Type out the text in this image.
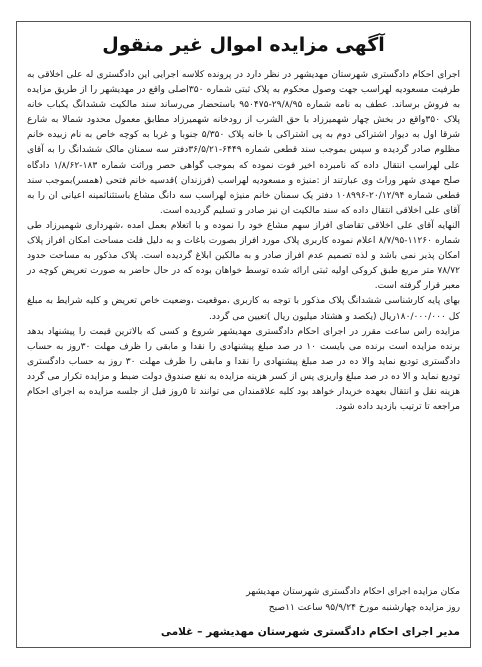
آگهی مزایده اموال غیر منقول

اجرای احکام دادگستری شهرستان مهدیشهر در نظر دارد در پرونده کلاسه اجرایی این دادگستری له علی اخلاقی به طرفیت مسعودیه لهراسب جهت وصول محکوم به پلاک ثبتی شماره ۳۵۰اصلی واقع در مهدیشهر را از طریق مزایده به فروش برساند. عطف به نامه شماره ۲۹/۸/۹۵-۹۵۰۴۷۵ باستحضار می‌رساند سند مالکیت ششدانگ یکباب خانه پلاک ۳۵۰واقع در بخش چهار شهمیرزاد با حق الشرب از رودخانه شهمیرزاد مطابق معمول محدود شمالا به شارع شرقا اول به دیوار اشتراکی دوم به پی اشتراکی با خانه پلاک ۵/۳۵۰ جنوبا و غربا به کوچه خاص به نام زبیده خانم مظلوم صادر گردیده و سپس بموجب سند قطعی شماره ۶۴۴۹-۳۶/۵/۲۱دفتر سه سمنان مالک ششدانگ را به آقای علی لهراسب انتقال داده که نامبرده اخیر فوت نموده که بموجب گواهی حصر وراثت شماره ۱۸۳-۱/۸/۶۲ دادگاه صلح مهدی شهر وراث وی عبارتند از :منیژه و مسعودیه لهراسب (فرزندان )قدسیه خانم فتحی (همسر)بموجب سند قطعی شماره ۲۰/۱۲/۹۴-۱۰۸۹۹۶ دفتر یک سمنان خانم منیژه لهراسب سه دانگ مشاع باستثناثمینه اعیانی ان را به آقای علی اخلاقی انتقال داده که سند مالکیت ان نیز صادر و تسلیم گردیده است.

النهایه آقای علی اخلاقی تقاضای افراز سهم مشاع خود را نموده و با اتعلام بعمل امده ،شهرداری شهمیرزاد طی شماره ۱۱۲۶۰-۸/۷/۹۵ اعلام نموده کاربری پلاک مورد افراز بصورت باغات و به دلیل قلت مساحت امکان افراز پلاک امکان پذیر نمی باشد و لذه تصمیم عدم افراز صادر و به مالکین ابلاغ گردیده است. پلاک مذکور به مساحت حدود ۷۸/۷۲ متر مربع طبق کروکی اولیه ثبتی ارائه شده توسط خواهان بوده که در حال حاضر به صورت تعریض کوچه در معبر قرار گرفته است.

بهای پایه کارشناسی ششدانگ پلاک مذکور با توجه به کاربری ،موقعیت ،وضعیت خاص تعریض و کلیه شرایط به مبلغ کل ۱۸۰/۰۰۰/۰۰۰ریال (یکصد و هشتاد میلیون ریال )تعیین می گردد.

مزایده راس ساعت مقرر در اجرای احکام دادگستری مهدیشهر شروع و کسی که بالاترین قیمت را پیشنهاد بدهد برنده مزایده است برنده می بایست ۱۰ در صد مبلغ پیشنهادی را نقدا و مابقی را ظرف مهلت ۳۰روز به حساب دادگستری تودیع نماید والا ده در صد مبلغ پیشنهادی را نقدا و مابقی را ظرف مهلت ۳۰ روز به حساب دادگستری تودیع نماید و الا ده در صد مبلغ واریزی پس از کسر هزینه مزایده به نفع صندوق دولت ضبط و مزایده تکرار می گردد هزینه نقل و انتقال بعهده خریدار خواهد بود کلیه علاقمندان می توانند تا ۵روز قبل از جلسه مزایده به اجرای احکام مراجعه تا ترتیب بازدید داده شود.

مکان مزایده اجرای احکام دادگستری شهرستان مهدیشهر
روز مزایده چهارشنبه مورخ ۹۵/۹/۲۴ ساعت ۱۱صبح
مدیر اجرای احکام دادگستری شهرستان مهدیشهر – غلامی
